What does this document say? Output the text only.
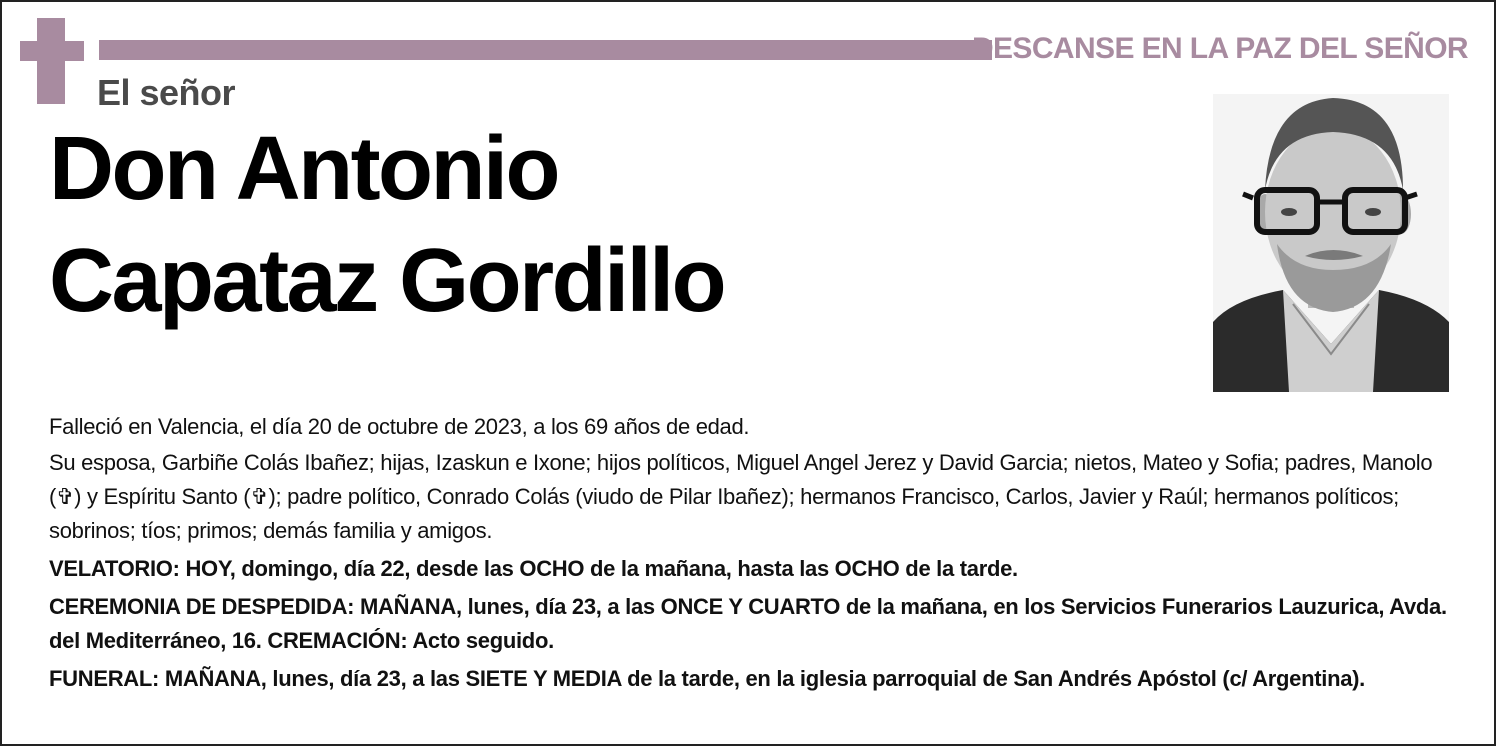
DESCANSE EN LA PAZ DEL SEÑOR
El señor
Don Antonio
Capataz Gordillo

Falleció en Valencia, el día 20 de octubre de 2023, a los 69 años de edad.

Su esposa, Garbiñe Colás Ibañez; hijas, Izaskun e Ixone; hijos políticos, Miguel Angel Jerez y David Garcia; nietos, Mateo y Sofia; padres, Manolo (✞) y Espíritu Santo (✞); padre político, Conrado Colás (viudo de Pilar Ibañez); hermanos Francisco, Carlos, Javier y Raúl; hermanos políticos; sobrinos; tíos; primos; demás familia y amigos.

VELATORIO: HOY, domingo, día 22, desde las OCHO de la mañana, hasta las OCHO de la tarde.

CEREMONIA DE DESPEDIDA: MAÑANA, lunes, día 23, a las ONCE Y CUARTO de la mañana, en los Servicios Funerarios Lauzurica, Avda. del Mediterráneo, 16. CREMACIÓN: Acto seguido.

FUNERAL: MAÑANA, lunes, día 23, a las SIETE Y MEDIA de la tarde, en la iglesia parroquial de San Andrés Apóstol (c/ Argentina).
